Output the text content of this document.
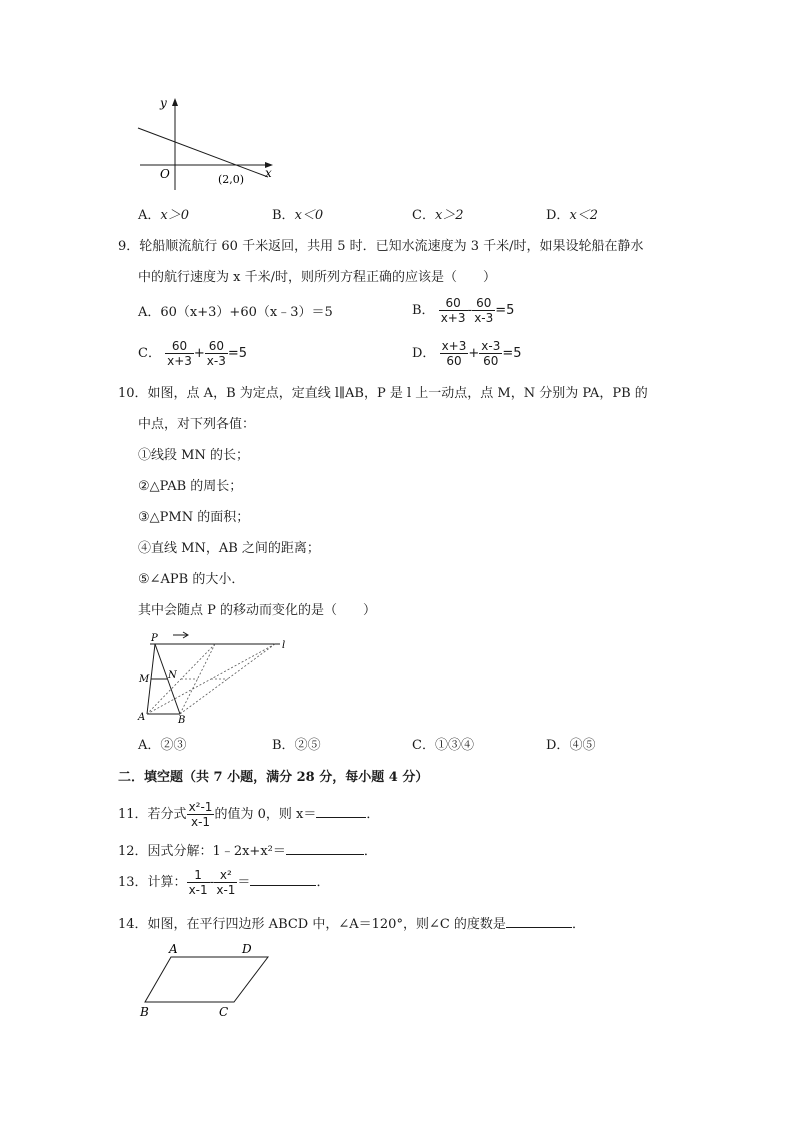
y
x
O	(2,0)
A．x＞0	B．x＜0	C．x＞2	D．x＜2
9．轮船顺流航行 60 千米返回，共用 5 时．已知水流速度为 3 千米/时，如果设轮船在静水
中的航行速度为 x 千米/时，则所列方程正确的应该是（　　）
A．60（x+3）+60（x﹣3）＝5	B． $\frac{60}{x+3} - \frac{60}{x-3} =5$
C． $\frac{60}{x+3} + \frac{60}{x-3} =5$	D． $\frac{x+3}{60} + \frac{x-3}{60} =5$
10．如图，点 A，B 为定点，定直线 l∥AB，P 是 l 上一动点，点 M，N 分别为 PA，PB 的
中点，对下列各值：
①线段 MN 的长；
②△PAB 的周长；
③△PMN 的面积；
④直线 MN，AB 之间的距离；
⑤∠APB 的大小．
其中会随点 P 的移动而变化的是（　　）
P
l
M N
A	B
A．②③	B．②⑤	C．①③④	D．④⑤
二．填空题（共 7 小题，满分 28 分，每小题 4 分）
11．若分式 $\frac{\text{x²-1}}{x-1}$ 的值为 0，则 x＝	．
12．因式分解：1﹣2x+x²＝	．
13．计算： $\frac{1}{x-1} - \frac{\text{x²}}{x-1}$ ＝	．
14．如图，在平行四边形 ABCD 中，∠A＝120°，则∠C 的度数是	．
A	D
B	C
